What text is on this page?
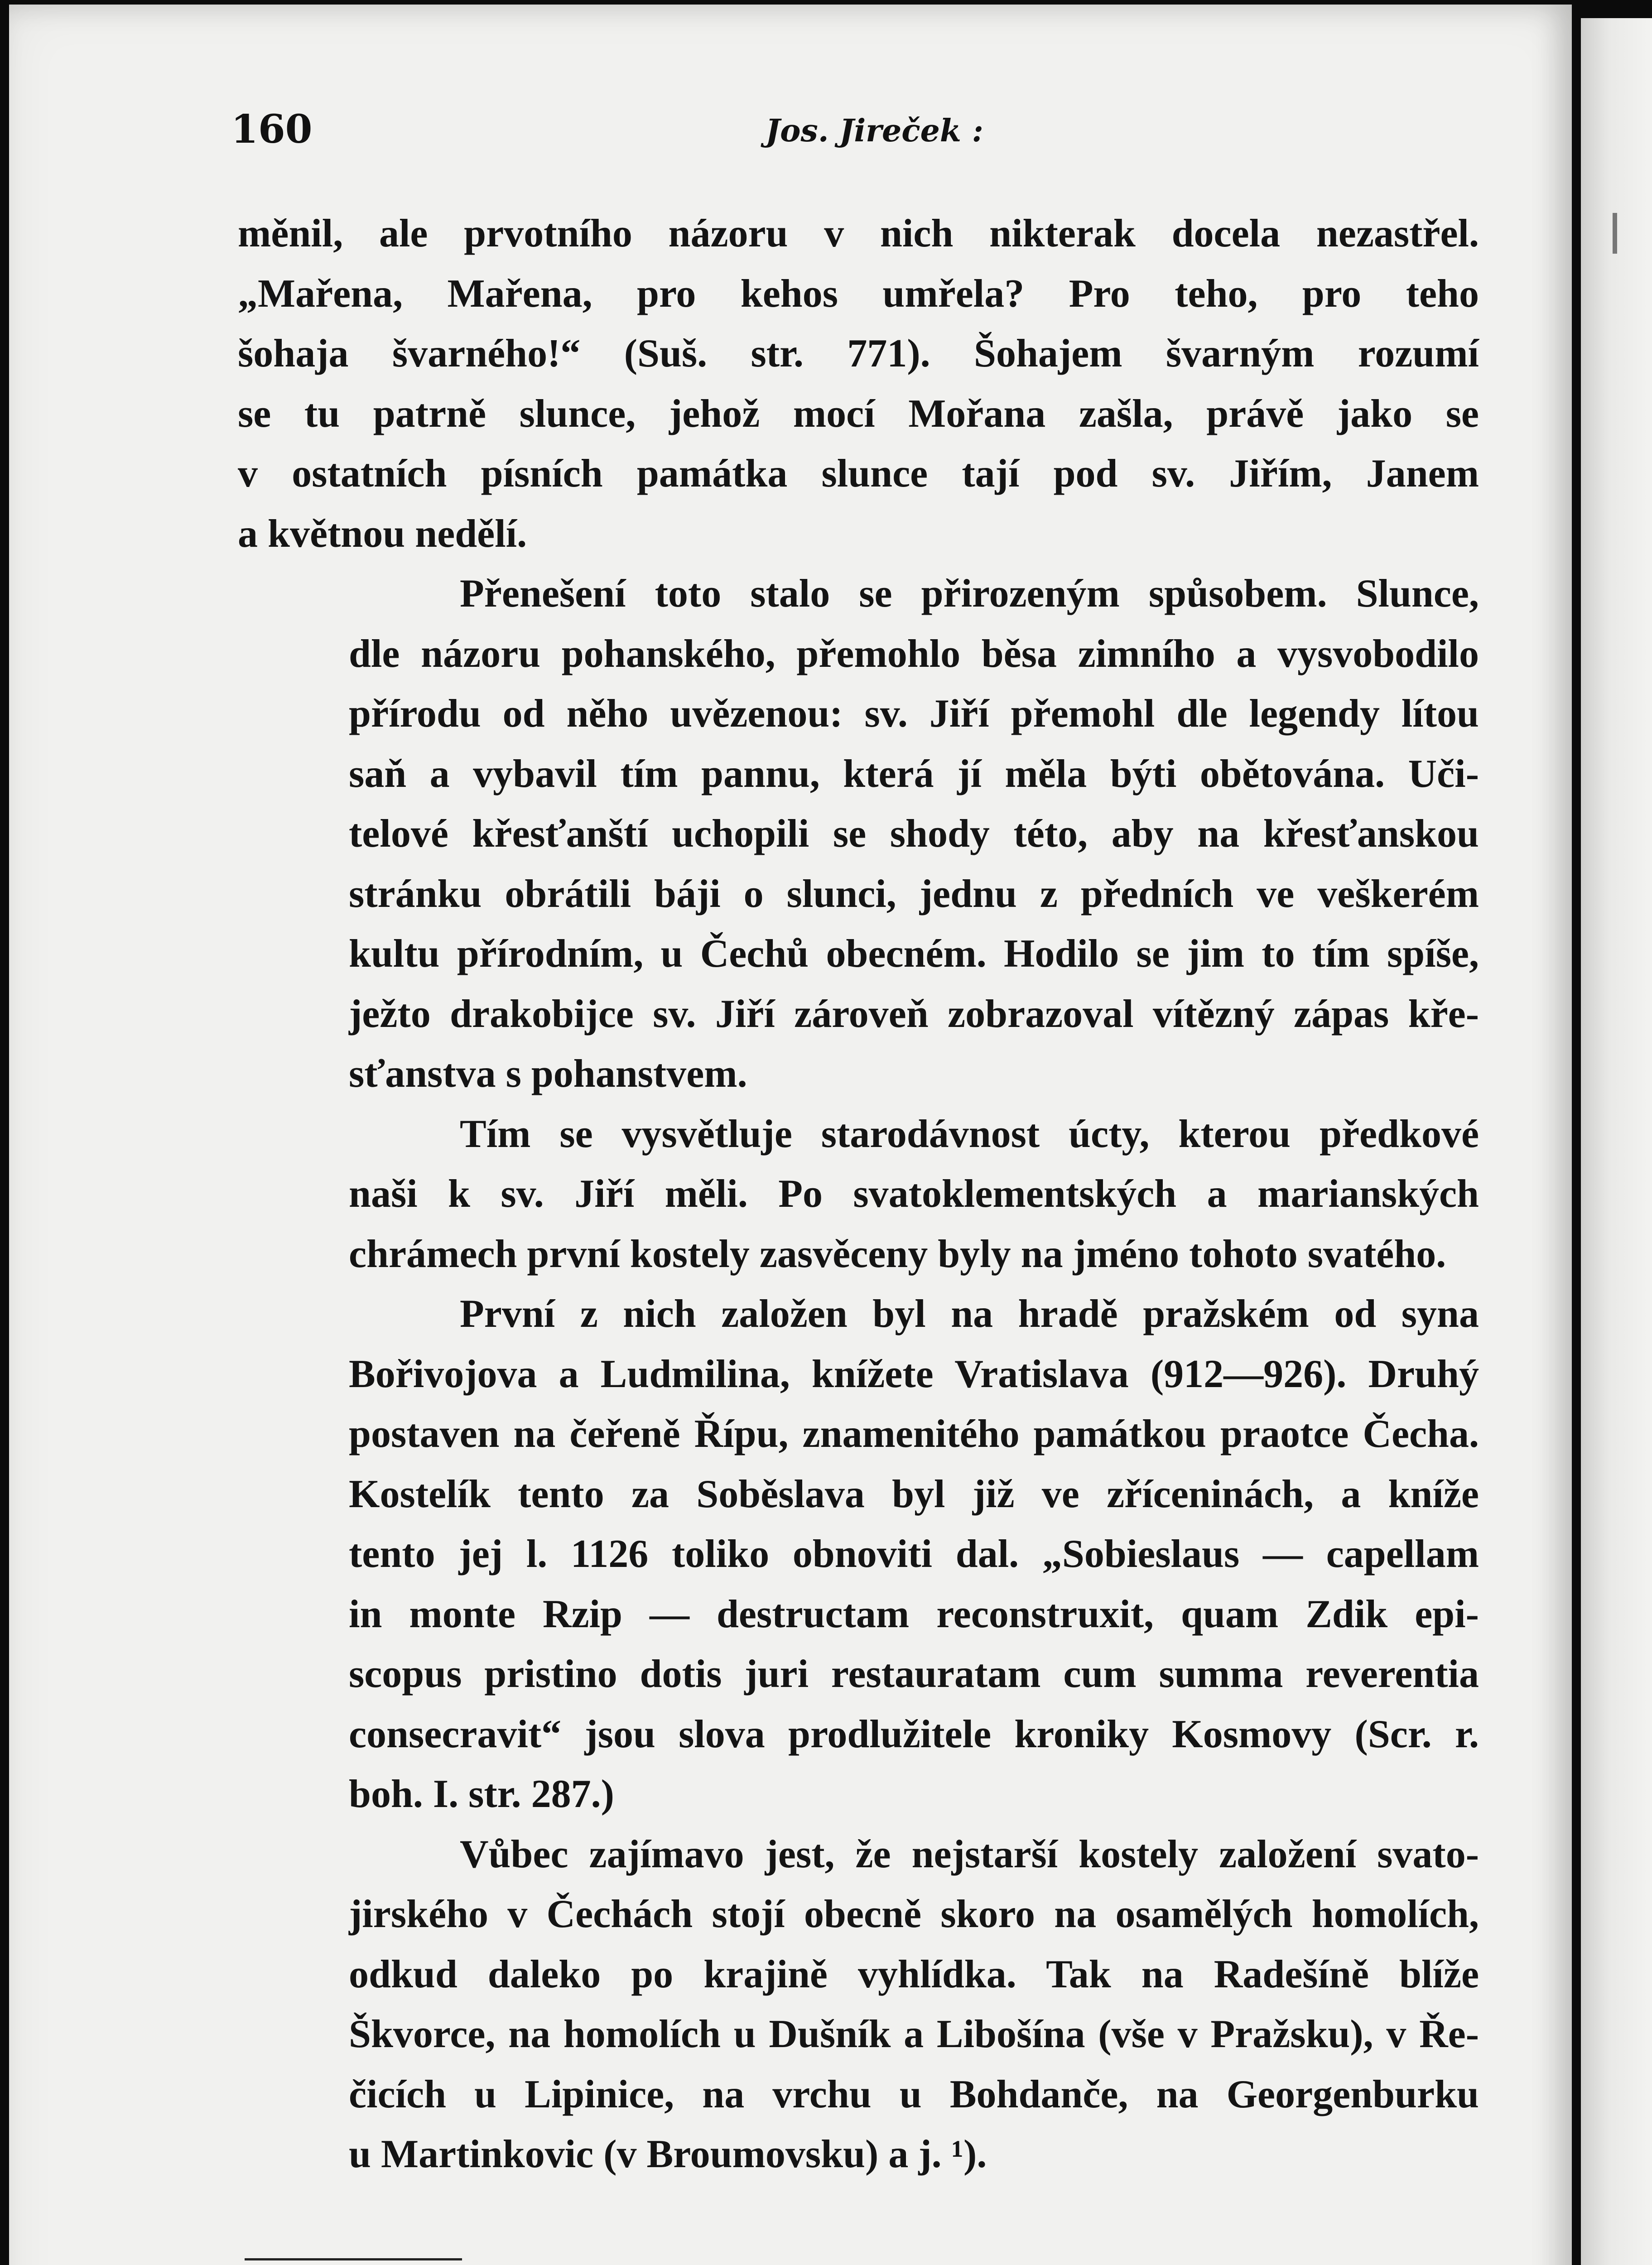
160	Jos. Jireček :
měnil, ale prvotního názoru v nich nikterak docela nezastřel.
„Mařena, Mařena, pro kehos umřela? Pro teho, pro teho
šohaja švarného!“ (Suš. str. 771). Šohajem švarným rozumí
se tu patrně slunce, jehož mocí Mořana zašla, právě jako se
v ostatních písních památka slunce tají pod sv. Jiřím, Janem
a květnou nedělí.
Přenešení toto stalo se přirozeným spůsobem. Slunce,
dle názoru pohanského, přemohlo běsa zimního a vysvobodilo
přírodu od něho uvězenou: sv. Jiří přemohl dle legendy lítou
saň a vybavil tím pannu, která jí měla býti obětována. Uči-
telové křesťanští uchopili se shody této, aby na křesťanskou
stránku obrátili báji o slunci, jednu z předních ve veškerém
kultu přírodním, u Čechů obecném. Hodilo se jim to tím spíše,
ježto drakobijce sv. Jiří zároveň zobrazoval vítězný zápas kře-
sťanstva s pohanstvem.
Tím se vysvětluje starodávnost úcty, kterou předkové
naši k sv. Jiří měli. Po svatoklementských a marianských
chrámech první kostely zasvěceny byly na jméno tohoto svatého.
První z nich založen byl na hradě pražském od syna
Bořivojova a Ludmilina, knížete Vratislava (912—926). Druhý
postaven na čeřeně Řípu, znamenitého památkou praotce Čecha.
Kostelík tento za Soběslava byl již ve zříceninách, a kníže
tento jej l. 1126 toliko obnoviti dal. „Sobieslaus — capellam
in monte Rzip — destructam reconstruxit, quam Zdik epi-
scopus pristino dotis juri restauratam cum summa reverentia
consecravit“ jsou slova prodlužitele kroniky Kosmovy (Scr. r.
boh. I. str. 287.)
Vůbec zajímavo jest, že nejstarší kostely založení svato-
jirského v Čechách stojí obecně skoro na osamělých homolích,
odkud daleko po krajině vyhlídka. Tak na Radešíně blíže
Škvorce, na homolích u Dušník a Libošína (vše v Pražsku), v Ře-
čicích u Lipinice, na vrchu u Bohdanče, na Georgenburku
u Martinkovic (v Broumovsku) a j. ¹).
